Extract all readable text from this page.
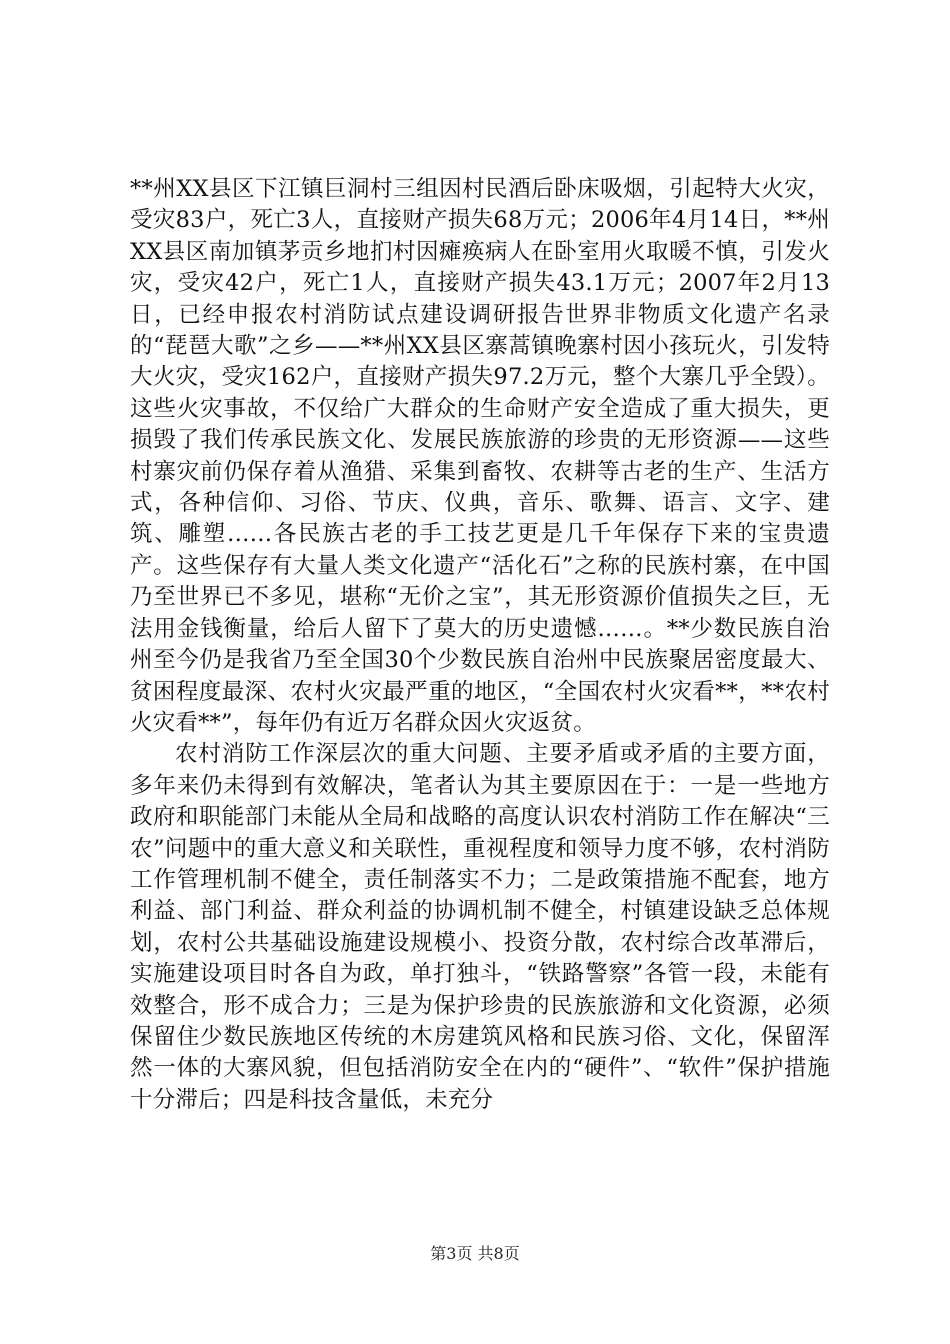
**州XX县区下江镇巨洞村三组因村民酒后卧床吸烟，引起特大火灾，受灾83户，死亡3人，直接财产损失68万元；2006年4月14日，**州XX县区南加镇茅贡乡地扪村因瘫痪病人在卧室用火取暖不慎，引发火灾，受灾42户，死亡1人，直接财产损失43.1万元；2007年2月13日，已经申报农村消防试点建设调研报告世界非物质文化遗产名录的“琵琶大歌”之乡——**州XX县区寨蒿镇晚寨村因小孩玩火，引发特大火灾，受灾162户，直接财产损失97.2万元，整个大寨几乎全毁）。这些火灾事故，不仅给广大群众的生命财产安全造成了重大损失，更损毁了我们传承民族文化、发展民族旅游的珍贵的无形资源——这些村寨灾前仍保存着从渔猎、采集到畜牧、农耕等古老的生产、生活方式，各种信仰、习俗、节庆、仪典，音乐、歌舞、语言、文字、建筑、雕塑……各民族古老的手工技艺更是几千年保存下来的宝贵遗产。这些保存有大量人类文化遗产“活化石”之称的民族村寨，在中国乃至世界已不多见，堪称“无价之宝”，其无形资源价值损失之巨，无法用金钱衡量，给后人留下了莫大的历史遗憾……。**少数民族自治州至今仍是我省乃至全国30个少数民族自治州中民族聚居密度最大、贫困程度最深、农村火灾最严重的地区，“全国农村火灾看**，**农村火灾看**”，每年仍有近万名群众因火灾返贫。

农村消防工作深层次的重大问题、主要矛盾或矛盾的主要方面，多年来仍未得到有效解决，笔者认为其主要原因在于：一是一些地方政府和职能部门未能从全局和战略的高度认识农村消防工作在解决“三农”问题中的重大意义和关联性，重视程度和领导力度不够，农村消防工作管理机制不健全，责任制落实不力；二是政策措施不配套，地方利益、部门利益、群众利益的协调机制不健全，村镇建设缺乏总体规划，农村公共基础设施建设规模小、投资分散，农村综合改革滞后，实施建设项目时各自为政，单打独斗，“铁路警察”各管一段，未能有效整合，形不成合力；三是为保护珍贵的民族旅游和文化资源，必须保留住少数民族地区传统的木房建筑风格和民族习俗、文化，保留浑然一体的大寨风貌，但包括消防安全在内的“硬件”、“软件”保护措施十分滞后；四是科技含量低，未充分

第3页 共8页
